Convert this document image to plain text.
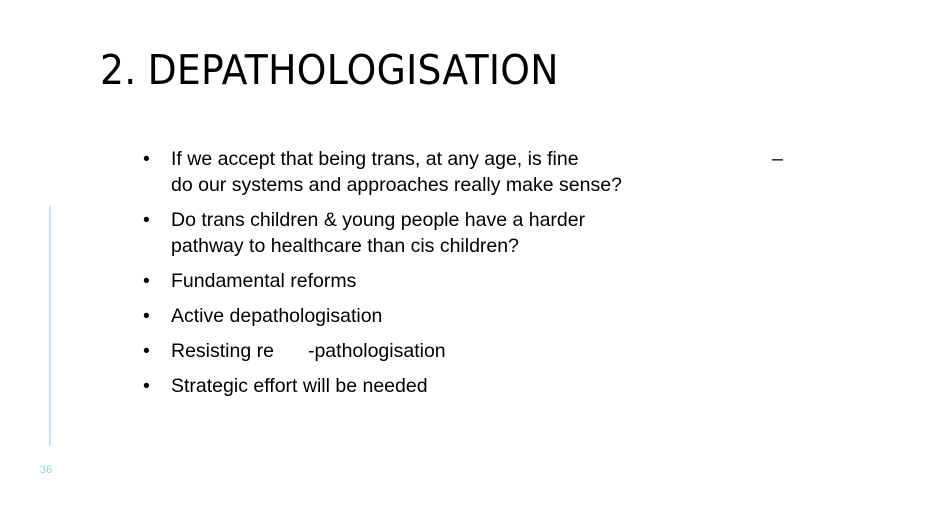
2. DEPATHOLOGISATION
36
• If we accept that being trans, at any age, is fine	–
do our systems and approaches really make sense?
• Do trans children & young people have a harder
pathway to healthcare than cis children?
• Fundamental reforms
• Active depathologisation
• Resisting re -pathologisation
• Strategic effort will be needed
